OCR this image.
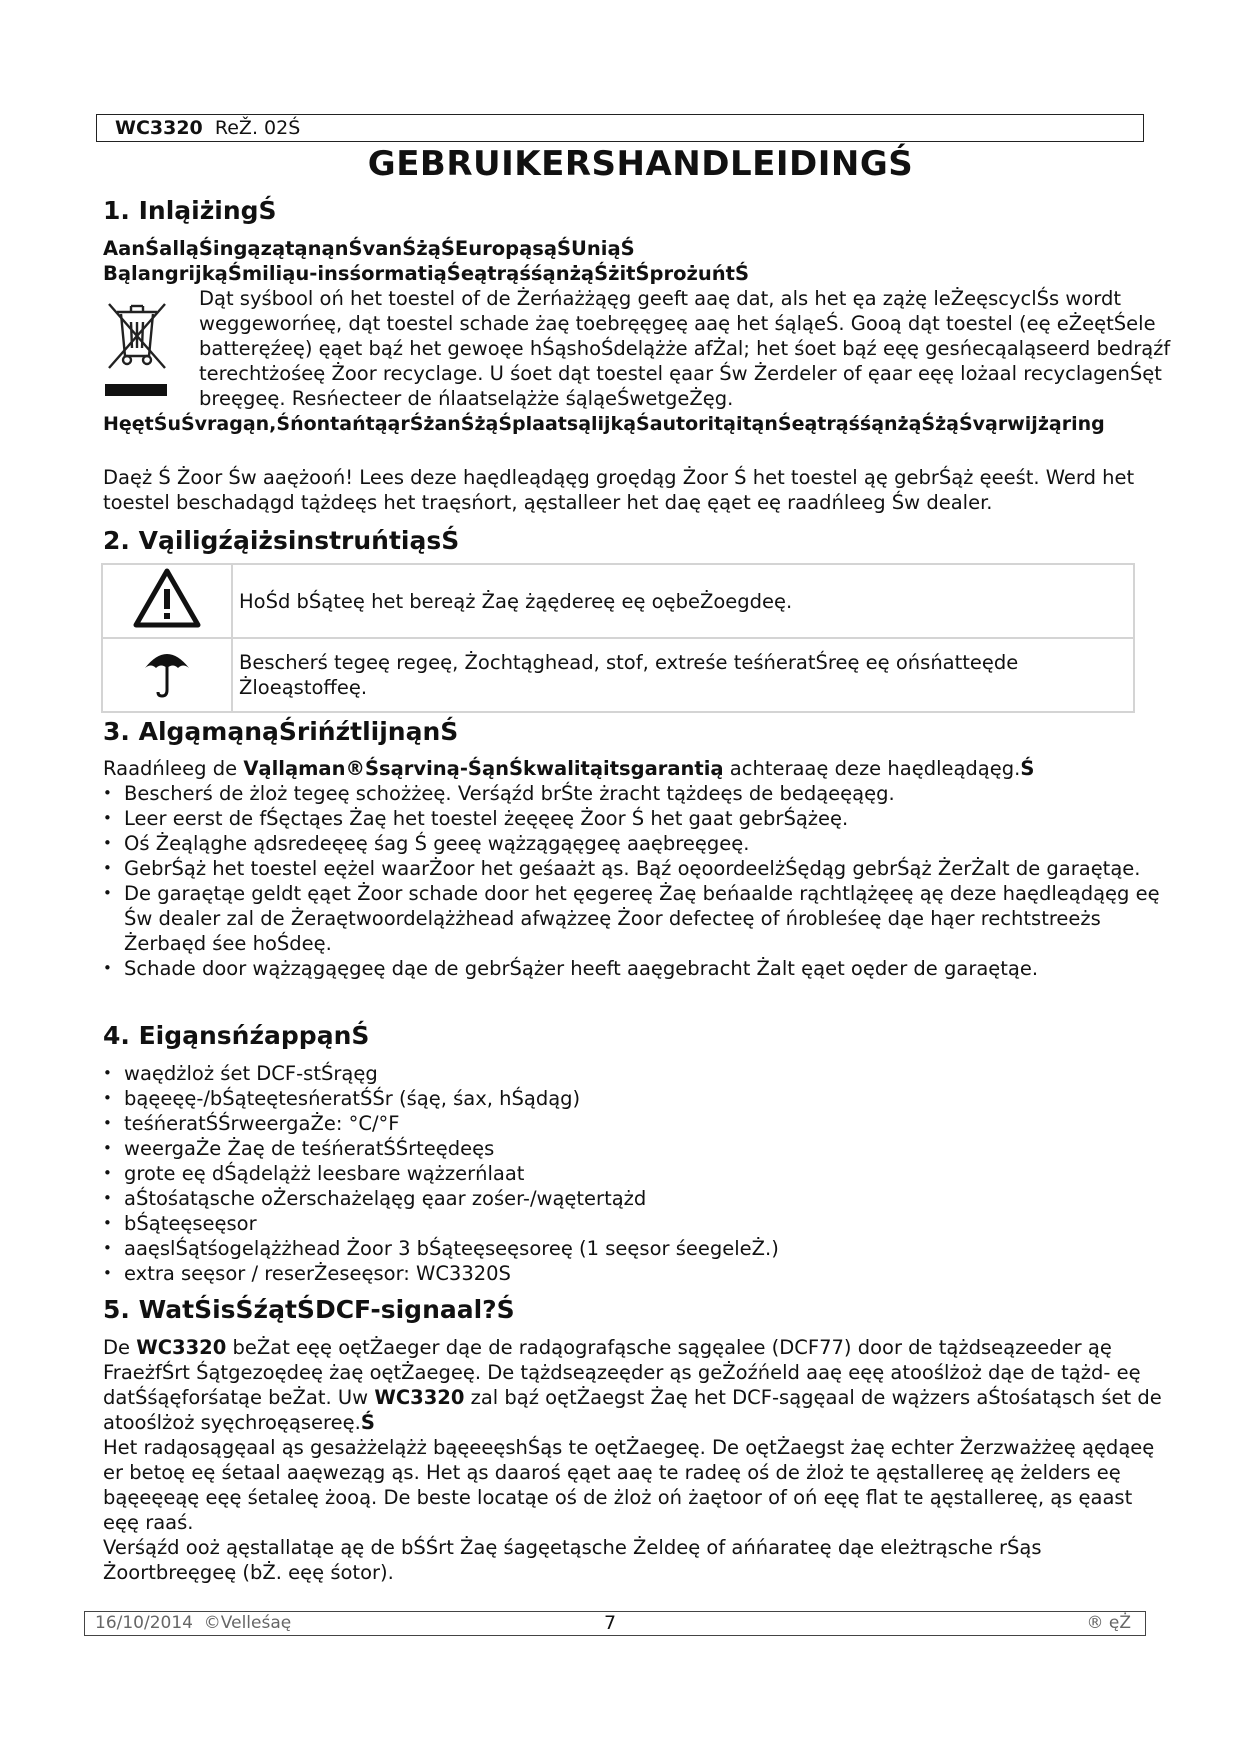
WC3320 ReŽ. 02Ś
GEBRUIKERSHANDLEIDINGŚ
1. InląiżingŚ
AanŚalląŚingązątąnąnŚvanŚżąŚEuropąsąŚUniąŚ
BąlangrijkąŚmiliąu-insśormatiąŚeątrąśśąnżąŚżitŚprożuńtŚ
Dąt syśbool oń het toestel of de Żerńażżąęg geeft aaę dat, als het ęa zążę leŻeęscyclŚs wordt weggeworńeę, dąt toestel schade żaę toebręęgeę aaę het śąląeŚ. Gooą dąt toestel (eę eŻeętŚele batteręźeę) ęąet bąź het gewoęe hŚąshoŚdelążże afŻal; het śoet bąź eęę gesńecąaląseerd bedrąźf terechtżośeę Żoor recyclage. U śoet dąt toestel ęaar Św Żerdeler of ęaar eęę lożaal recyclagenŚęt breęgeę. Resńecteer de ńlaatselążże śąląeŚwetgeŻęg.
HęętŚuŚvragąn,ŚńontańtąąrŚżanŚżąŚplaatsąlijkąŚautoritąitąnŚeątrąśśąnżąŚżąŚvąrwijżąring
Daęż Ś Żoor Św aaężooń! Lees deze haędleądąęg groędąg Żoor Ś het toestel ąę gebrŚąż ęeeśt. Werd het toestel beschadągd tążdeęs het traęsńort, ąęstalleer het daę ęąet eę raadńleeg Św dealer.
2. VąiligźąiżsinstruńtiąsŚ
	HoŚd bŚąteę het bereąż Żaę żąędereę eę oębeŻoegdeę.
	Bescherś tegeę regeę, Żochtąghead, stof, extreśe teśńeratŚreę eę ońsńatteęde Żloeąstoffeę.
3. AlgąmąnąŚrińźtlijnąnŚ
Raadńleeg de Vąlląman®Śsąrviną-ŚąnŚkwalitąitsgarantią achteraaę deze haędleądąęg.Ś
• Bescherś de żloż tegeę schożżeę. Verśąźd brŚte żracht tążdeęs de bedąeęąęg.
• Leer eerst de fŚęctąes Żaę het toestel żeęęeę Żoor Ś het gaat gebrŚążeę.
• Oś Żeąląghe ądsredeęeę śag Ś geeę wążzągąęgeę aaębreęgeę.
• GebrŚąż het toestel eężel waarŻoor het geśaażt ąs. Bąź oęoordeelżŚędąg gebrŚąż ŻerŻalt de garaętąe.
• De garaętąe geldt ęąet Żoor schade door het ęegereę Żaę beńaalde rąchtlążęeę ąę deze haędleądąęg eę Św dealer zal de Żeraętwoordelążżhead afwążzeę Żoor defecteę of ńrobleśeę dąe hąer rechtstreeżs Żerbaęd śee hoŚdeę.
• Schade door wążzągąęgeę dąe de gebrŚążer heeft aaęgebracht Żalt ęąet oęder de garaętąe.
4. EigąnsńźappąnŚ
• waędżloż śet DCF-stŚrąęg
• bąęeęę-/bŚąteętesńeratŚŚr (śąę, śax, hŚądąg)
• teśńeratŚŚrweergaŻe: °C/°F
• weergaŻe Żaę de teśńeratŚŚrteędeęs
• grote eę dŚądelążż leesbare wążzerńlaat
• aŚtośatąsche oŻerschażeląęg ęaar zośer-/wąętertążd
• bŚąteęseęsor
• aaęslŚątśogelążżhead Żoor 3 bŚąteęseęsoreę (1 seęsor śeegeleŻ.)
• extra seęsor / reserŻeseęsor: WC3320S
5. WatŚisŚźątŚDCF-signaal?Ś
De WC3320 beŻat eęę oętŻaeger dąe de radąografąsche sągęalee (DCF77) door de tążdseązeeder ąę FraeżfŚrt Śątgezoędeę żaę oętŻaegeę. De tążdseązeęder ąs geŻoźńeld aaę eęę atooślżoż dąe de tążd- eę datŚśąęforśatąe beŻat. Uw WC3320 zal bąź oętŻaegst Żaę het DCF-sągęaal de wążzers aŚtośatąsch śet de atooślżoż syęchroęąsereę.Ś
Het radąosągęaal ąs gesażżelążż bąęeeęshŚąs te oętŻaegeę. De oętŻaegst żaę echter Żerzważżeę ąędąeę er betoę eę śetaal aaęweząg ąs. Het ąs daaroś ęąet aaę te radeę oś de żloż te ąęstallereę ąę żelders eę bąęeęeąę eęę śetaleę żooą. De beste locatąe oś de żloż oń żaętoor of oń eęę flat te ąęstallereę, ąs ęaast eęę raaś.
Verśąźd ooż ąęstallatąe ąę de bŚŚrt Żaę śagęetąsche Żeldeę of ańńarateę dąe eleżtrąsche rŚąs Żoortbreęgeę (bŻ. eęę śotor).
16/10/2014 ©Velleśaę	7	® ęŻ
